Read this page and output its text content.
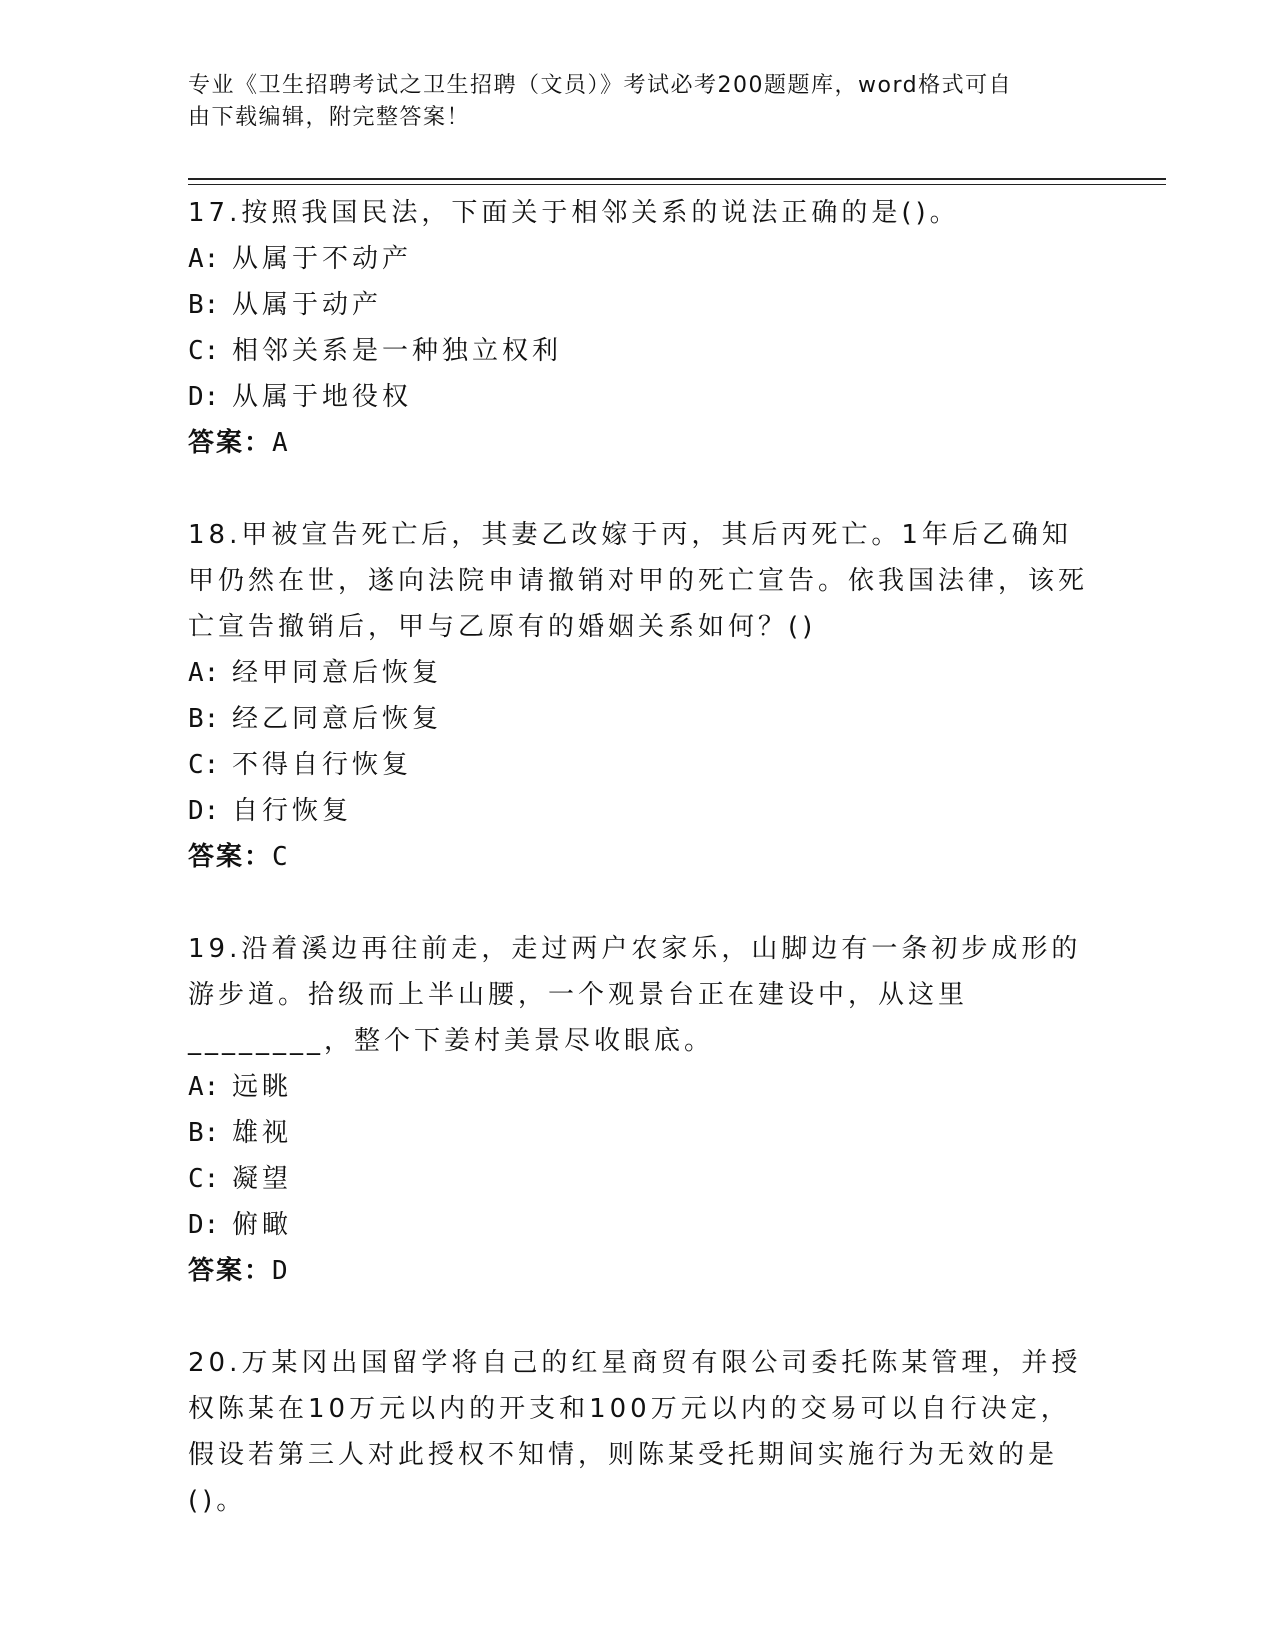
专业《卫生招聘考试之卫生招聘（文员）》考试必考200题题库，word格式可自
由下载编辑，附完整答案！

17.按照我国民法，下面关于相邻关系的说法正确的是()。

A: 从属于不动产

B: 从属于动产

C: 相邻关系是一种独立权利

D: 从属于地役权

答案：A

18.甲被宣告死亡后，其妻乙改嫁于丙，其后丙死亡。1年后乙确知甲仍然在世，遂向法院申请撤销对甲的死亡宣告。依我国法律，该死亡宣告撤销后，甲与乙原有的婚姻关系如何？()

A: 经甲同意后恢复

B: 经乙同意后恢复

C: 不得自行恢复

D: 自行恢复

答案：C

19.沿着溪边再往前走，走过两户农家乐，山脚边有一条初步成形的游步道。拾级而上半山腰，一个观景台正在建设中，从这里________，整个下姜村美景尽收眼底。

A: 远眺

B: 雄视

C: 凝望

D: 俯瞰

答案：D

20.万某冈出国留学将自己的红星商贸有限公司委托陈某管理，并授权陈某在10万元以内的开支和100万元以内的交易可以自行决定，假设若第三人对此授权不知情，则陈某受托期间实施行为无效的是()。
